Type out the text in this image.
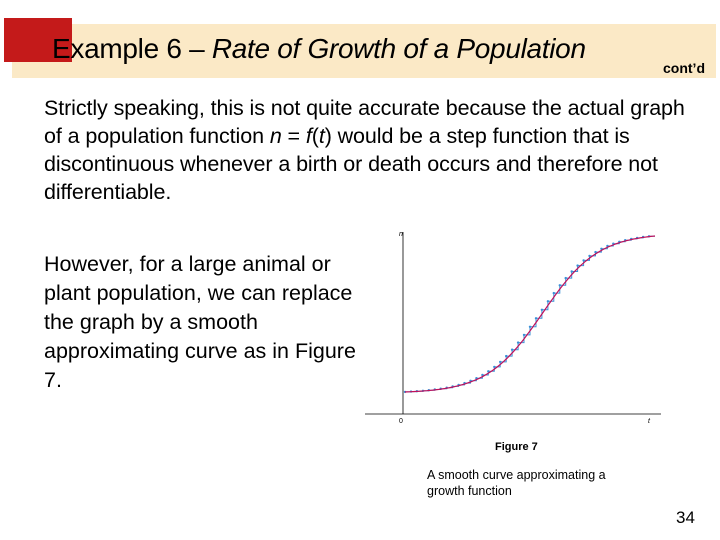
Example 6 – Rate of Growth of a Population
cont’d
Strictly speaking, this is not quite accurate because the actual graph of a population function n = f(t) would be a step function that is discontinuous whenever a birth or death occurs and therefore not differentiable.
However, for a large animal or plant population, we can replace the graph by a smooth approximating curve as in Figure 7.
n
t
0
Figure 7
A smooth curve approximating a growth function
34
